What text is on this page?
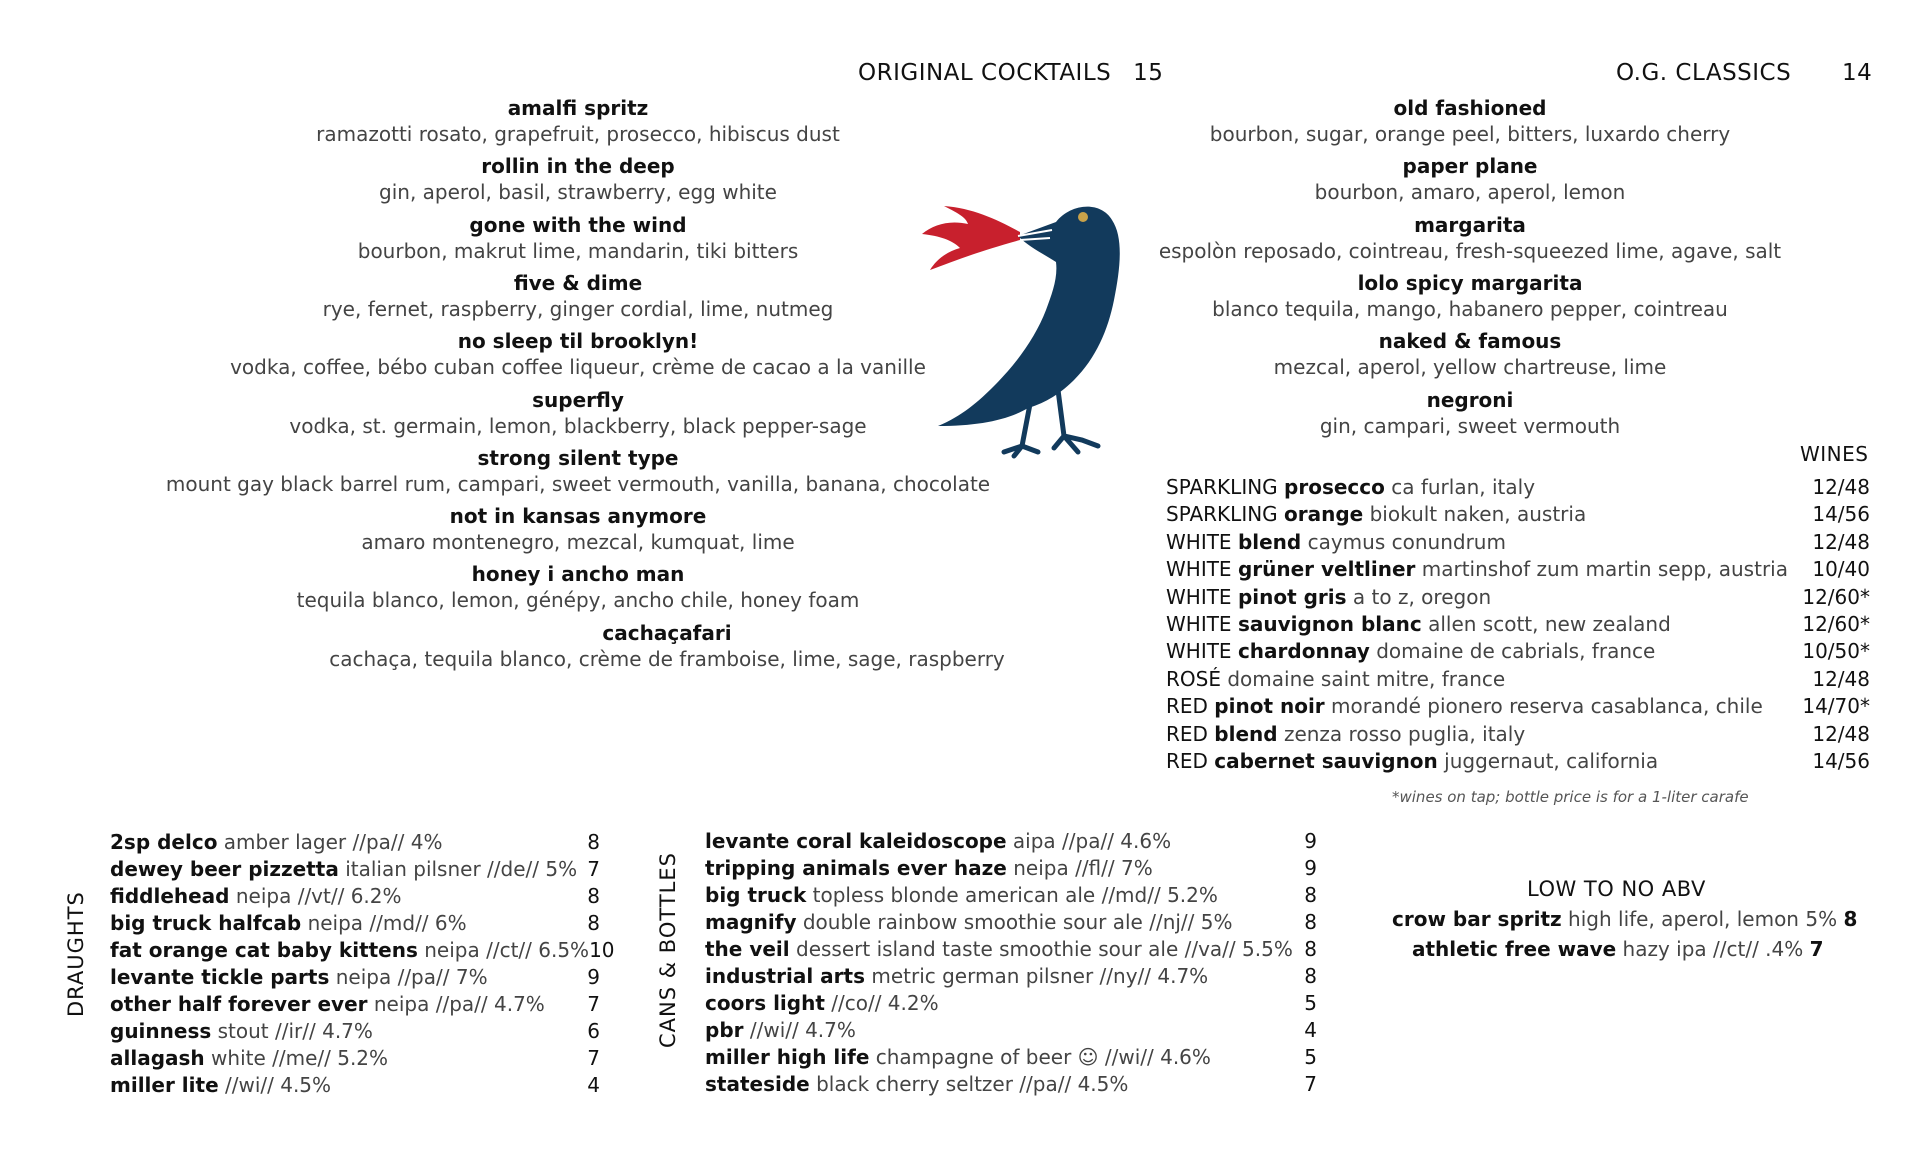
ORIGINAL COCKTAILS 15	O.G. CLASSICS 14
amalfi spritz
ramazotti rosato, grapefruit, prosecco, hibiscus dust
rollin in the deep
gin, aperol, basil, strawberry, egg white
gone with the wind
bourbon, makrut lime, mandarin, tiki bitters
five & dime
rye, fernet, raspberry, ginger cordial, lime, nutmeg
no sleep til brooklyn!
vodka, coffee, bébo cuban coffee liqueur, crème de cacao a la vanille
superfly
vodka, st. germain, lemon, blackberry, black pepper-sage
strong silent type
mount gay black barrel rum, campari, sweet vermouth, vanilla, banana, chocolate
not in kansas anymore
amaro montenegro, mezcal, kumquat, lime
honey i ancho man
tequila blanco, lemon, génépy, ancho chile, honey foam
cachaçafari
cachaça, tequila blanco, crème de framboise, lime, sage, raspberry
old fashioned
bourbon, sugar, orange peel, bitters, luxardo cherry
paper plane
bourbon, amaro, aperol, lemon
margarita
espolòn reposado, cointreau, fresh-squeezed lime, agave, salt
lolo spicy margarita
blanco tequila, mango, habanero pepper, cointreau
naked & famous
mezcal, aperol, yellow chartreuse, lime
negroni
gin, campari, sweet vermouth
WINES
SPARKLING prosecco ca furlan, italy	12/48
SPARKLING orange biokult naken, austria	14/56
WHITE blend caymus conundrum	12/48
WHITE grüner veltliner martinshof zum martin sepp, austria 10/40
WHITE pinot gris a to z, oregon	12/60*
WHITE sauvignon blanc allen scott, new zealand	12/60*
WHITE chardonnay domaine de cabrials, france	10/50*
ROSÉ domaine saint mitre, france	12/48
RED pinot noir morandé pionero reserva casablanca, chile 14/70*
RED blend zenza rosso puglia, italy	12/48
RED cabernet sauvignon juggernaut, california	14/56
*wines on tap; bottle price is for a 1-liter carafe
DRAUGHTS
2sp delco amber lager //pa// 4%	8
dewey beer pizzetta italian pilsner //de// 5% 7
fiddlehead neipa //vt// 6.2%	8
big truck halfcab neipa //md// 6%	8
fat orange cat baby kittens neipa //ct// 6.5% 10
levante tickle parts neipa //pa// 7%	9
other half forever ever neipa //pa// 4.7% 7
guinness stout //ir// 4.7%	6
allagash white //me// 5.2%	7
miller lite //wi// 4.5%	4
CANS & BOTTLES
levante coral kaleidoscope aipa //pa// 4.6%	9
tripping animals ever haze neipa //fl// 7%	9
big truck topless blonde american ale //md// 5.2%	8
magnify double rainbow smoothie sour ale //nj// 5%	8
the veil dessert island taste smoothie sour ale //va// 5.5% 8
industrial arts metric german pilsner //ny// 4.7%	8
coors light //co// 4.2%	5
pbr //wi// 4.7%	4
miller high life champagne of beer ☺ //wi// 4.6%	5
stateside black cherry seltzer //pa// 4.5%	7
LOW TO NO ABV
crow bar spritz high life, aperol, lemon 5% 8
athletic free wave hazy ipa //ct// .4% 7
